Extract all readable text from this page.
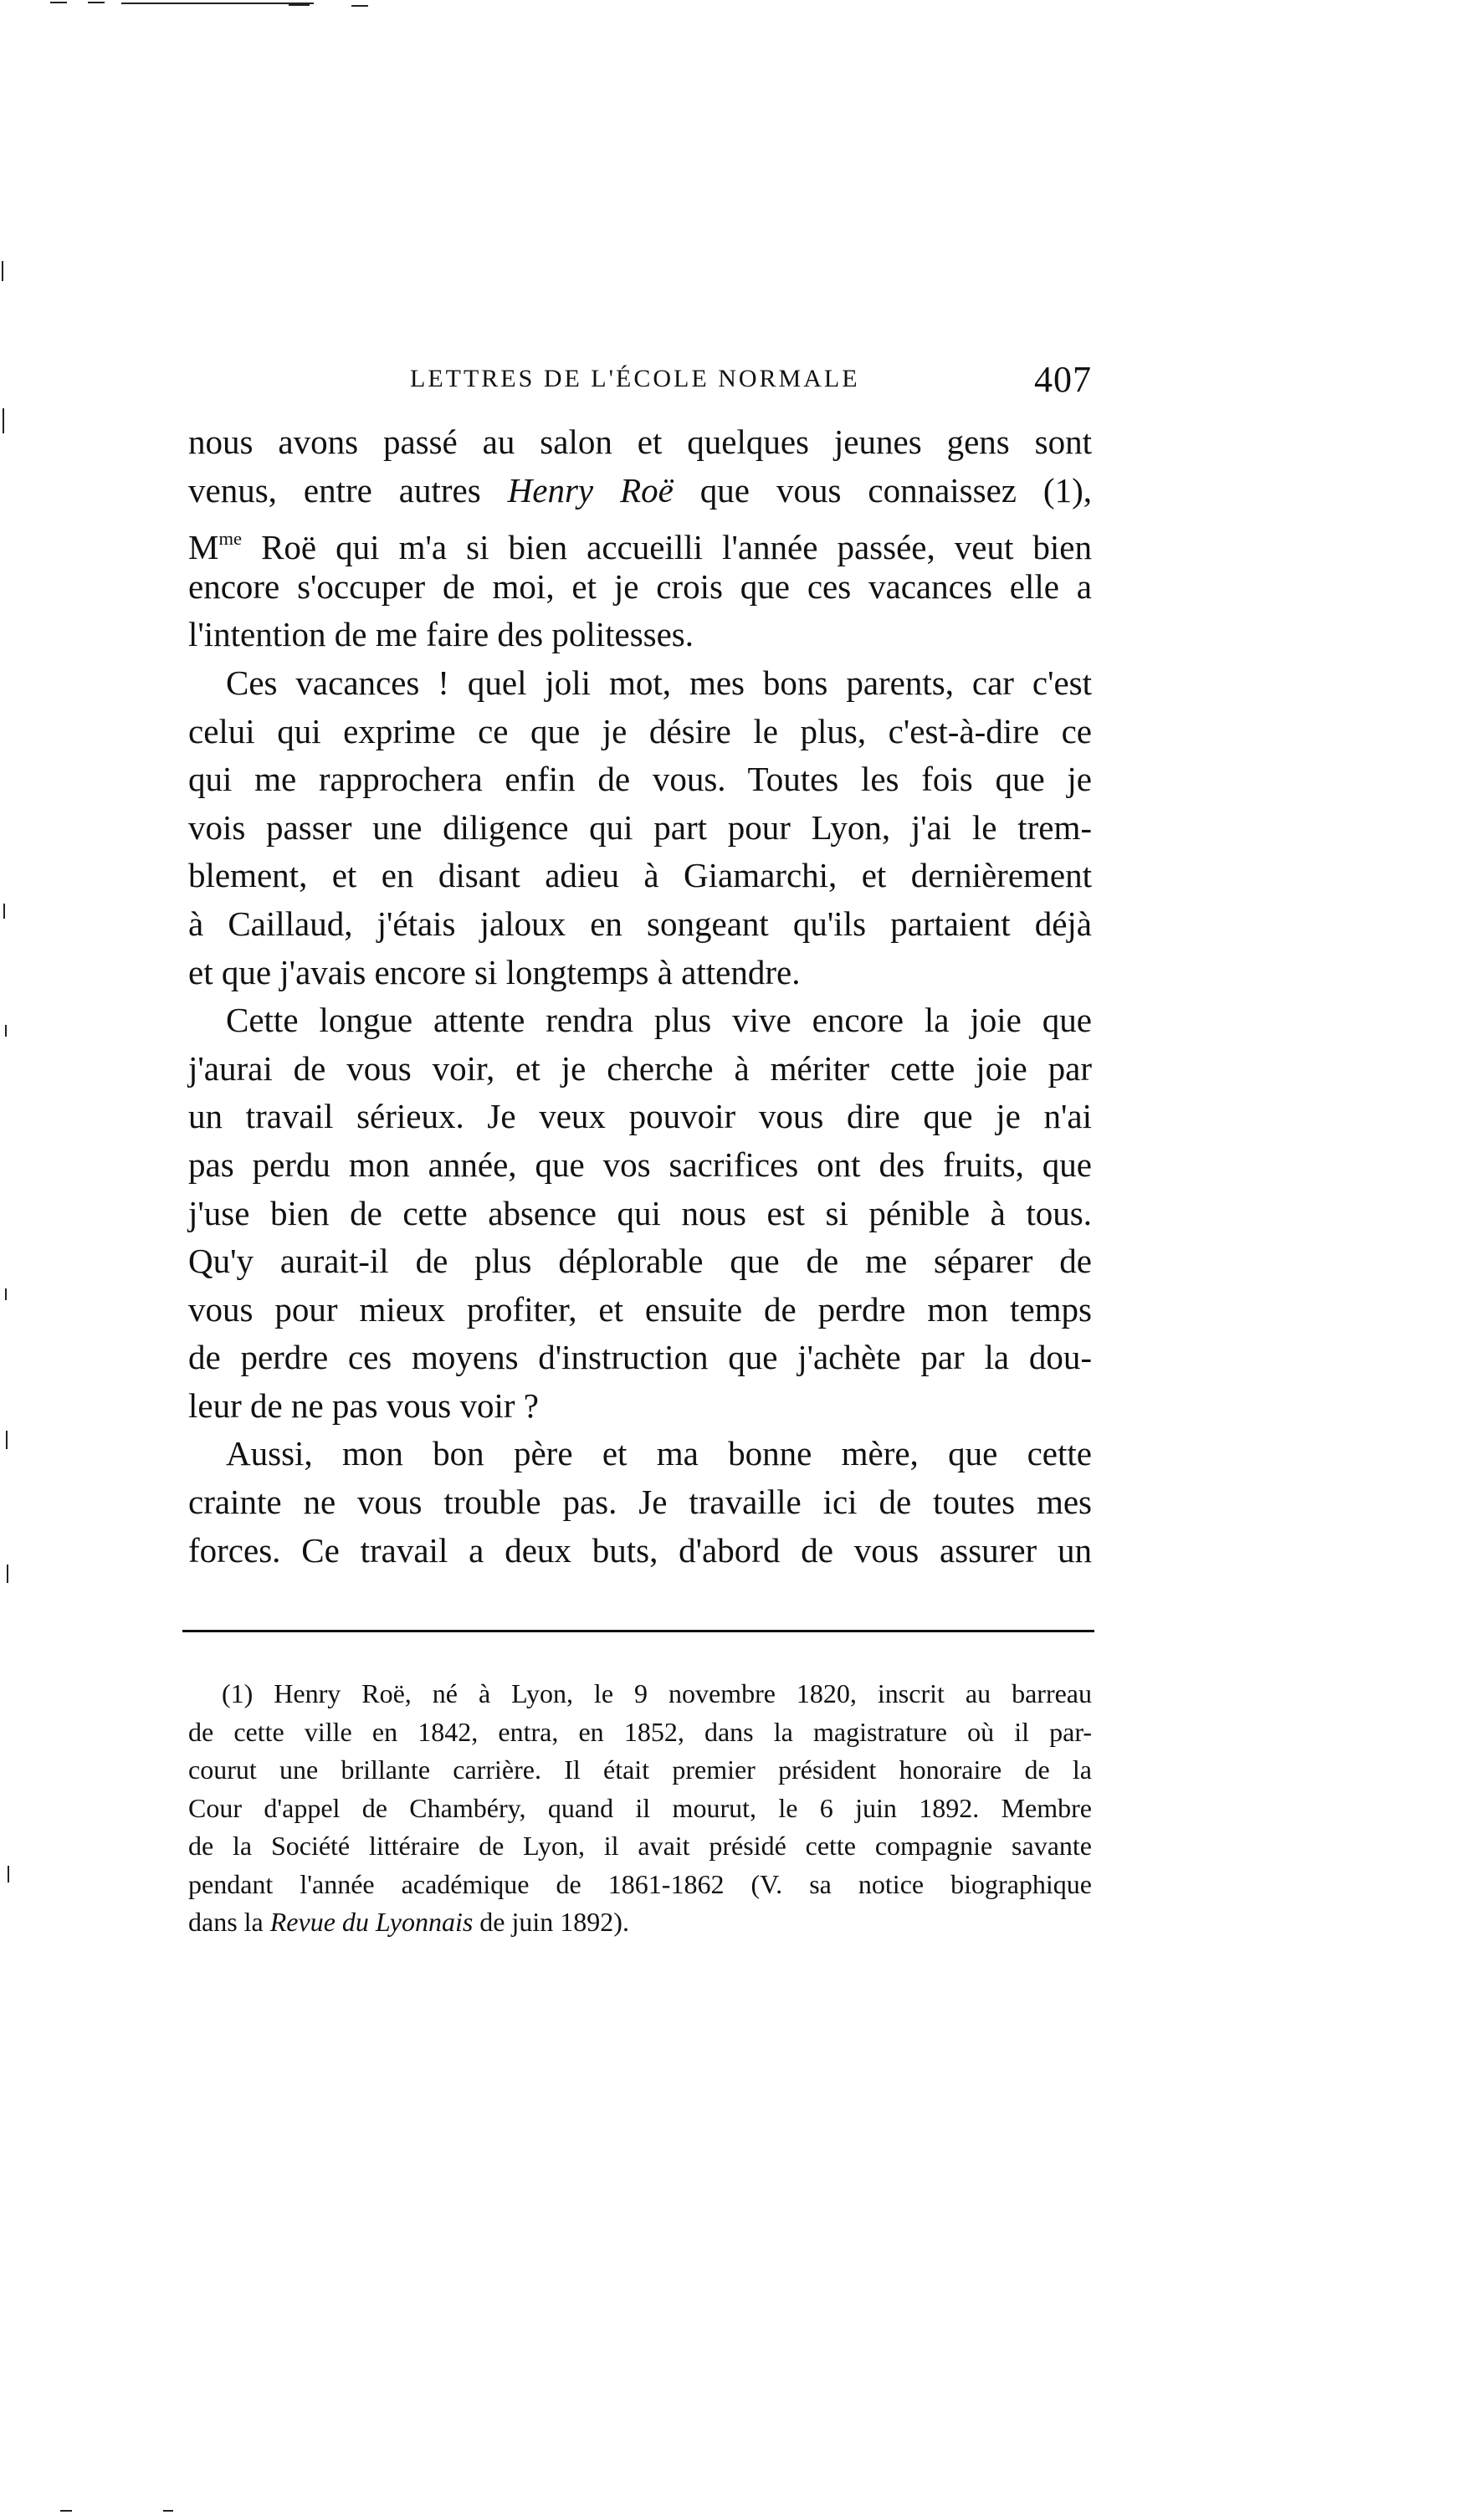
LETTRES DE L'ÉCOLE NORMALE	407
nous avons passé au salon et quelques jeunes gens sont
venus, entre autres Henry Roë que vous connaissez (1),
$M^{me}$ Roë qui m'a si bien accueilli l'année passée, veut bien
encore s'occuper de moi, et je crois que ces vacances elle a
l'intention de me faire des politesses.
Ces vacances ! quel joli mot, mes bons parents, car c'est
celui qui exprime ce que je désire le plus, c'est-à-dire ce
qui me rapprochera enfin de vous. Toutes les fois que je
vois passer une diligence qui part pour Lyon, j'ai le trem-
blement, et en disant adieu à Giamarchi, et dernièrement
à Caillaud, j'étais jaloux en songeant qu'ils partaient déjà
et que j'avais encore si longtemps à attendre.
Cette longue attente rendra plus vive encore la joie que
j'aurai de vous voir, et je cherche à mériter cette joie par
un travail sérieux. Je veux pouvoir vous dire que je n'ai
pas perdu mon année, que vos sacrifices ont des fruits, que
j'use bien de cette absence qui nous est si pénible à tous.
Qu'y aurait-il de plus déplorable que de me séparer de
vous pour mieux profiter, et ensuite de perdre mon temps
de perdre ces moyens d'instruction que j'achète par la dou-
leur de ne pas vous voir ?
Aussi, mon bon père et ma bonne mère, que cette
crainte ne vous trouble pas. Je travaille ici de toutes mes
forces. Ce travail a deux buts, d'abord de vous assurer un
(1) Henry Roë, né à Lyon, le 9 novembre 1820, inscrit au barreau
de cette ville en 1842, entra, en 1852, dans la magistrature où il par-
courut une brillante carrière. Il était premier président honoraire de la
Cour d'appel de Chambéry, quand il mourut, le 6 juin 1892. Membre
de la Société littéraire de Lyon, il avait présidé cette compagnie savante
pendant l'année académique de 1861-1862 (V. sa notice biographique
dans la Revue du Lyonnais de juin 1892).
